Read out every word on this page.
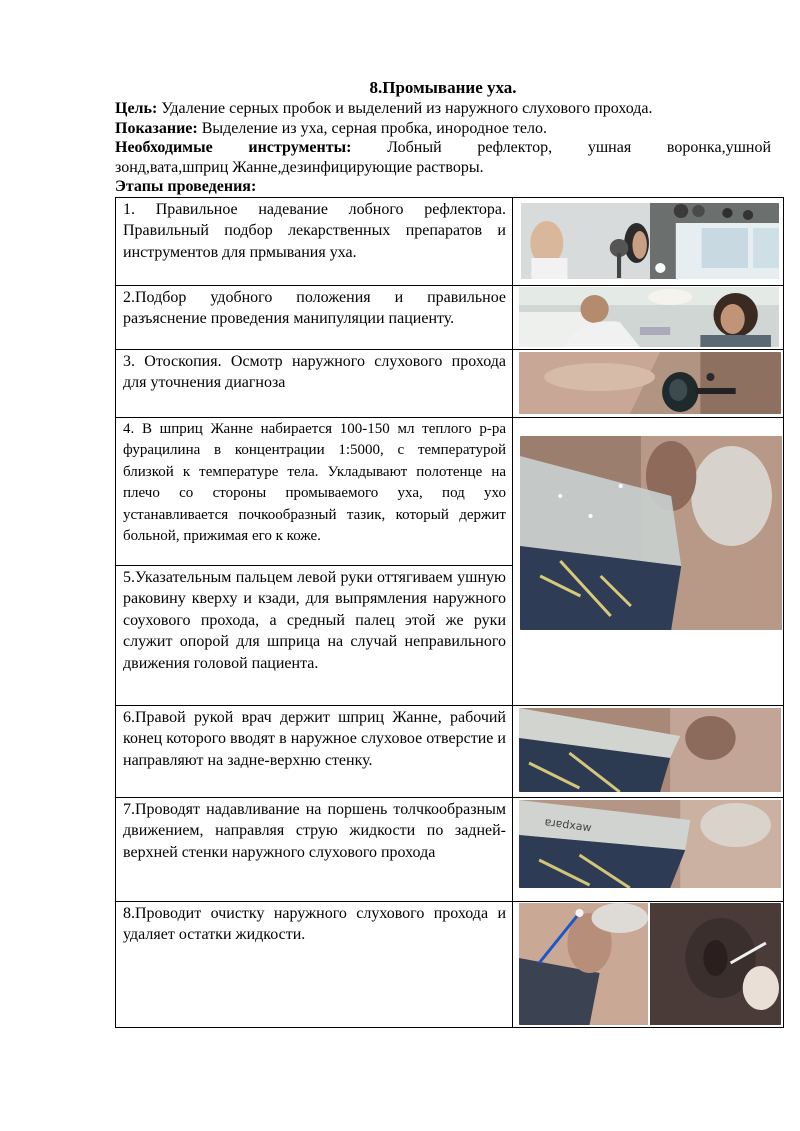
8.Промывание уха.

Цель: Удаление серных пробок и выделений из наружного слухового прохода.

Показание: Выделение из уха, серная пробка, инородное тело.

Необходимые инструменты: Лобный рефлектор, ушная воронка,ушной

зонд,вата,шприц Жанне,дезинфицирующие растворы.

Этапы проведения:

1. Правильное надевание лобного рефлектора. Правильный подбор лекарственных препаратов и инструментов для прмывания уха.

2.Подбор удобного положения и правильное разъяснение проведения манипуляции пациенту.

3. Отоскопия. Осмотр наружного слухового прохода для уточнения диагноза

4. В шприц Жанне набирается 100-150 мл теплого р-ра фурацилина в концентрации 1:5000, с температурой близкой к температуре тела. Укладывают полотенце на плечо со стороны промываемого уха, под ухо устанавливается почкообразный тазик, который держит больной, прижимая его к коже.

5.Указательным пальцем левой руки оттягиваем ушную раковину кверху и кзади, для выпрямления наружного соухового прохода, а средный палец этой же руки служит опорой для шприца на случай неправильного движения головой пациента.	

6.Правой рукой врач держит шприц Жанне, рабочий конец которого вводят в наружное слуховое отверстие и направляют на задне-верхню стенку.

7.Проводят надавливание на поршень толчкообразным движением, направляя струю жидкости по задней-верхней стенки наружного слухового прохода	ɐɹɐdxaw

8.Проводит очистку наружного слухового прохода и удаляет остатки жидкости.
